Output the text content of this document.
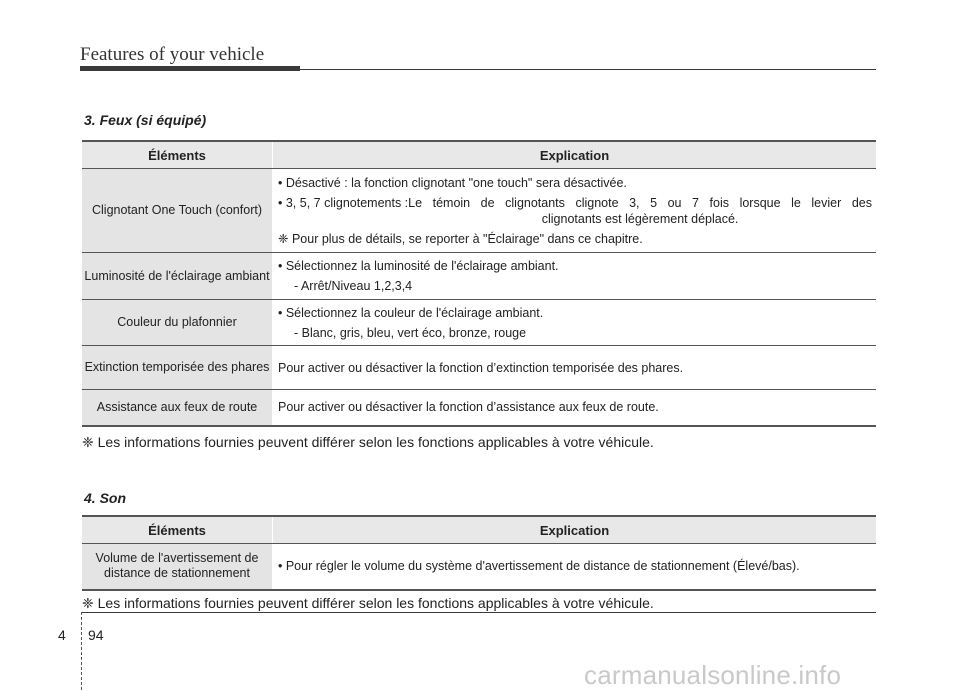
Features of your vehicle
3. Feux (si équipé)
Éléments	Explication

Clignotant One Touch (confort)	• Désactivé : la fonction clignotant "one touch" sera désactivée.
• 3, 5, 7 clignotements : Le témoin de clignotants clignote 3, 5 ou 7 fois lorsque le levier des
clignotants est légèrement déplacé.
❈ Pour plus de détails, se reporter à "Éclairage" dans ce chapitre.

Luminosité de l'éclairage ambiant	• Sélectionnez la luminosité de l'éclairage ambiant.
- Arrêt/Niveau 1,2,3,4

Couleur du plafonnier	• Sélectionnez la couleur de l'éclairage ambiant.
- Blanc, gris, bleu, vert éco, bronze, rouge

Extinction temporisée des phares	Pour activer ou désactiver la fonction d’extinction temporisée des phares.

Assistance aux feux de route	Pour activer ou désactiver la fonction d’assistance aux feux de route.
❈ Les informations fournies peuvent différer selon les fonctions applicables à votre véhicule.
4. Son
Éléments	Explication

Volume de l'avertissement de distance de stationnement	• Pour régler le volume du système d'avertissement de distance de stationnement (Élevé/bas).
❈ Les informations fournies peuvent différer selon les fonctions applicables à votre véhicule.
4 94
carmanualsonline.info
